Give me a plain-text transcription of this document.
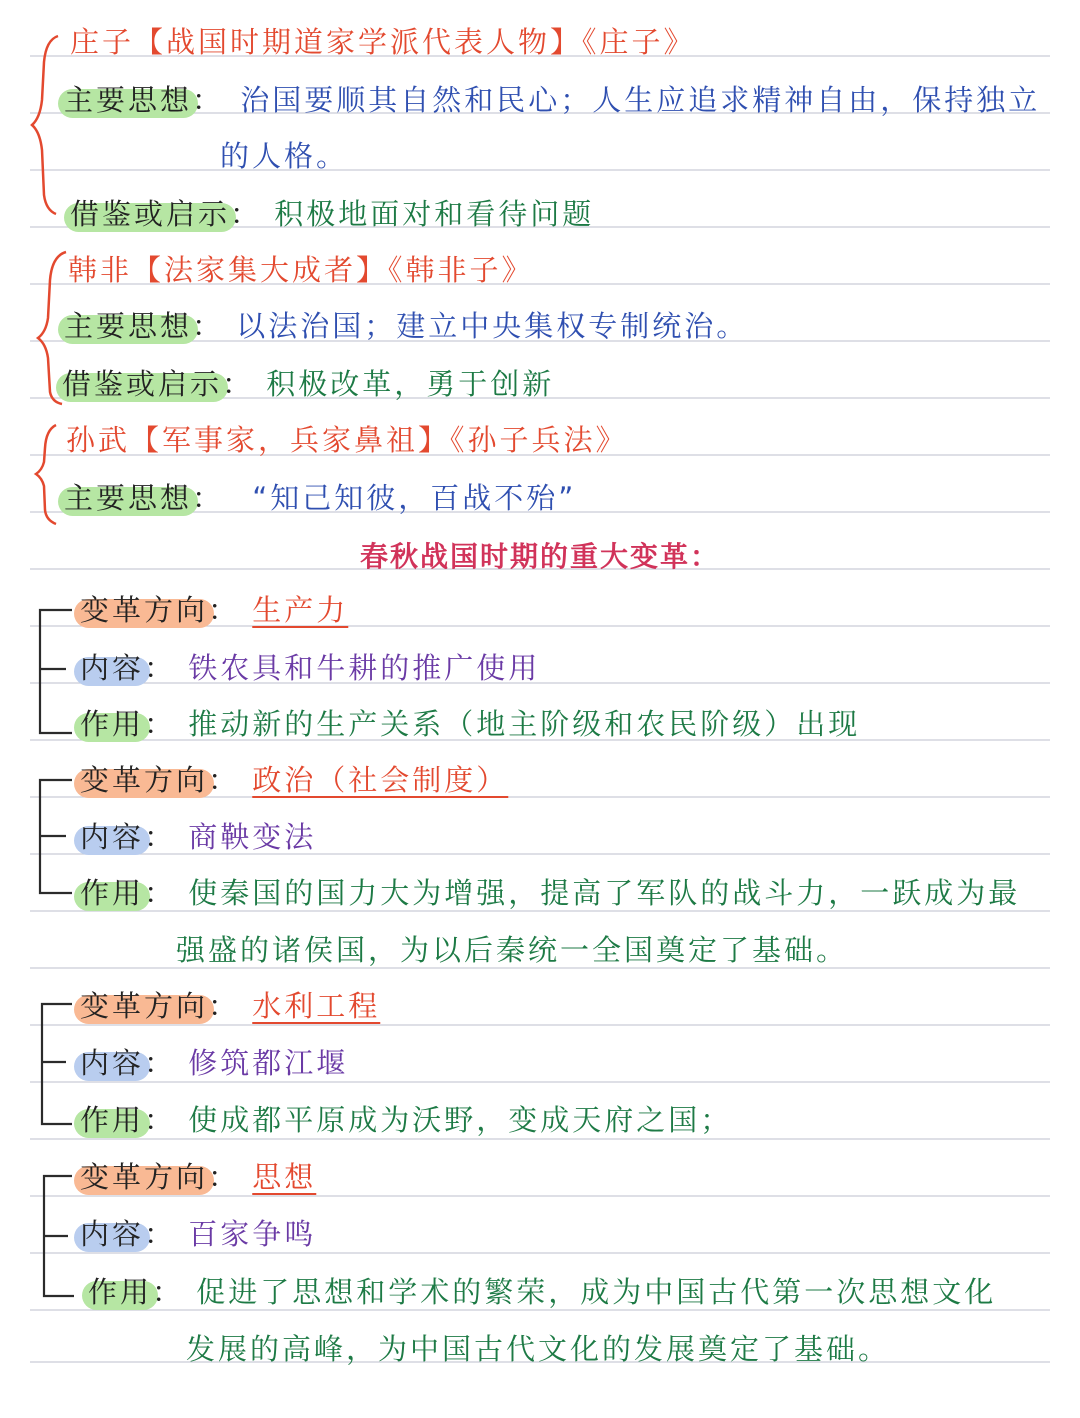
庄子【战国时期道家学派代表人物】《庄子》
主要思想： 治国要顺其自然和民心；人生应追求精神自由，保持独立
的人格。
借鉴或启示： 积极地面对和看待问题
韩非【法家集大成者】《韩非子》
主要思想： 以法治国；建立中央集权专制统治。
借鉴或启示： 积极改革，勇于创新
孙武【军事家，兵家鼻祖】《孙子兵法》
主要思想： “知己知彼，百战不殆”
春秋战国时期的重大变革：
变革方向： 生产力
内容： 铁农具和牛耕的推广使用
作用： 推动新的生产关系（地主阶级和农民阶级）出现
变革方向： 政治（社会制度）
内容： 商鞅变法
作用： 使秦国的国力大为增强，提高了军队的战斗力，一跃成为最
强盛的诸侯国，为以后秦统一全国奠定了基础。
变革方向： 水利工程
内容： 修筑都江堰
作用： 使成都平原成为沃野，变成天府之国；
变革方向： 思想
内容： 百家争鸣
作用： 促进了思想和学术的繁荣，成为中国古代第一次思想文化
发展的高峰，为中国古代文化的发展奠定了基础。
